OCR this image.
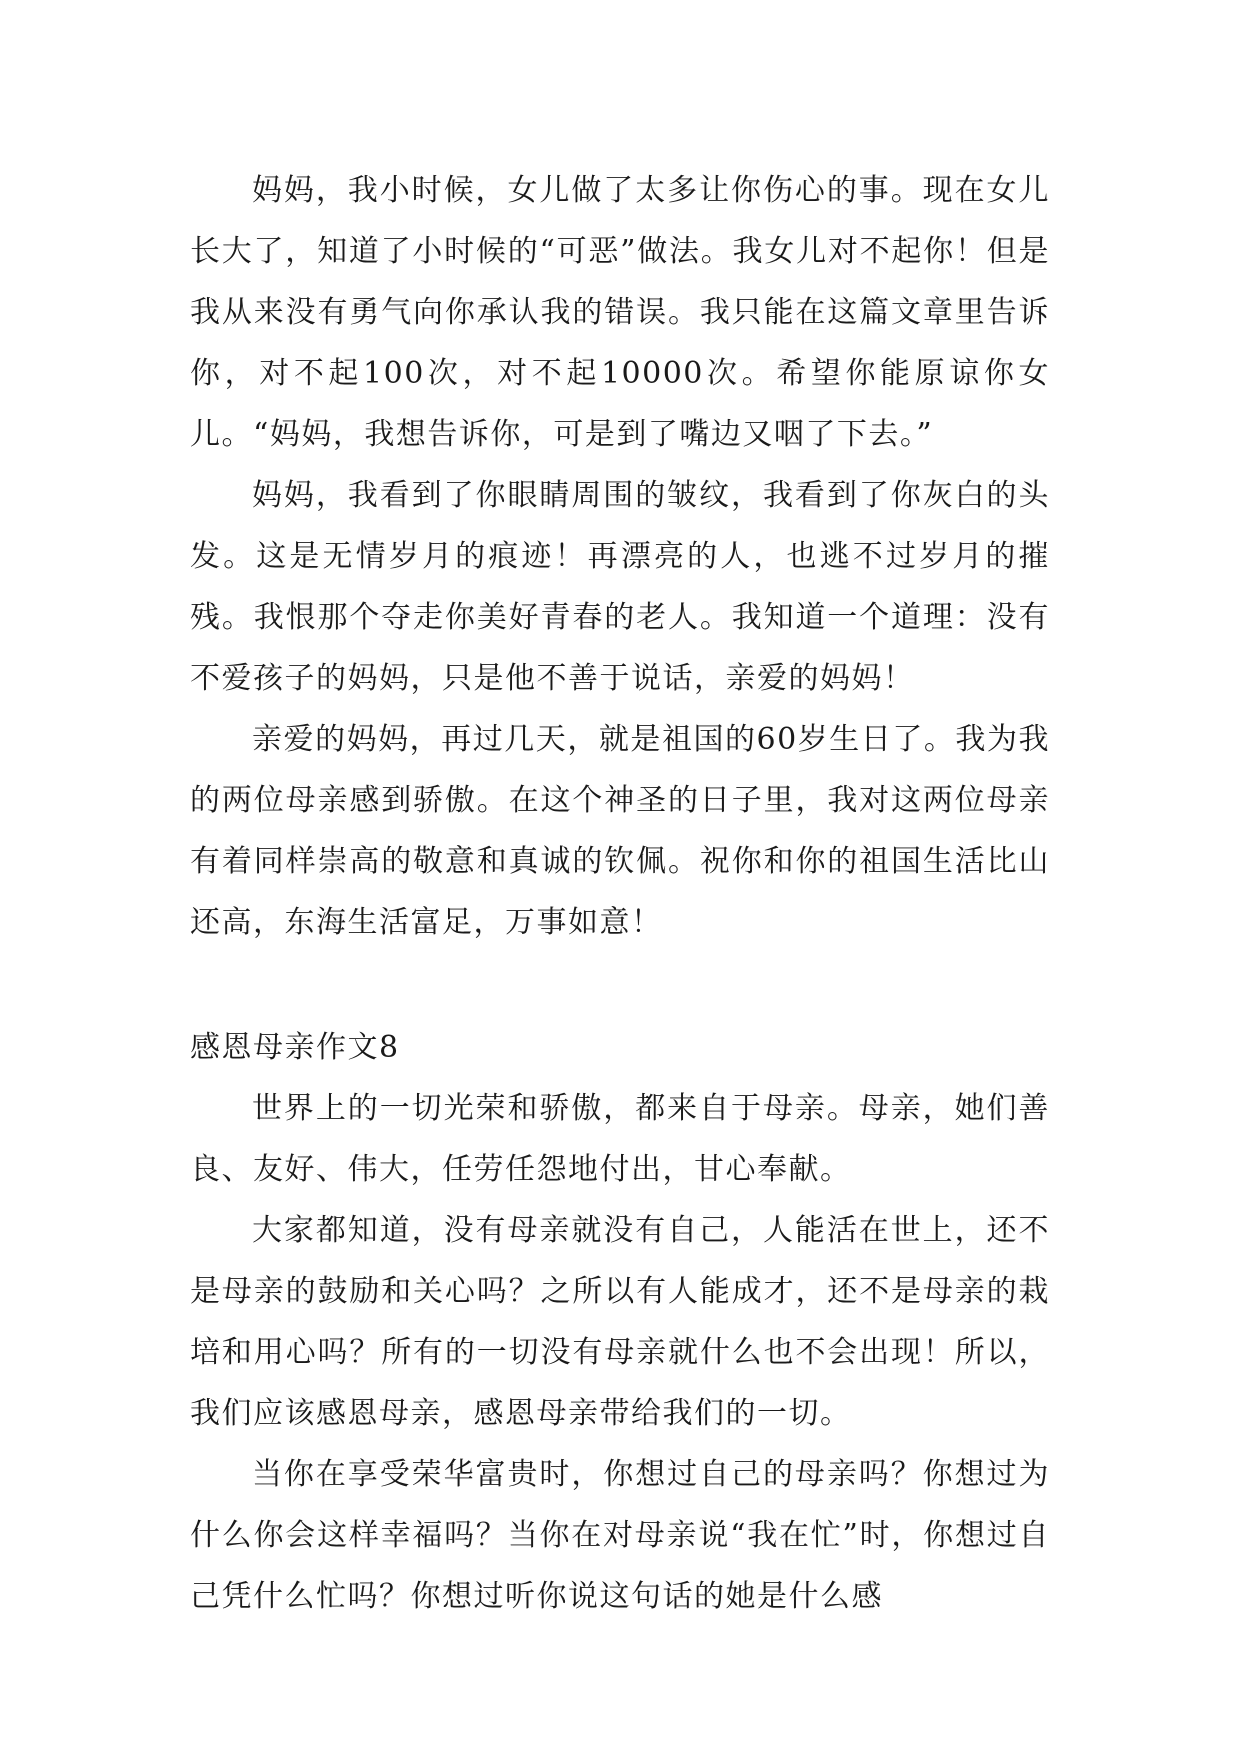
妈妈，我小时候，女儿做了太多让你伤心的事。现在女儿长大了，知道了小时候的“可恶”做法。我女儿对不起你！但是我从来没有勇气向你承认我的错误。我只能在这篇文章里告诉你，对不起100次，对不起10000次。希望你能原谅你女儿。“妈妈，我想告诉你，可是到了嘴边又咽了下去。”

妈妈，我看到了你眼睛周围的皱纹，我看到了你灰白的头发。这是无情岁月的痕迹！再漂亮的人，也逃不过岁月的摧残。我恨那个夺走你美好青春的老人。我知道一个道理：没有不爱孩子的妈妈，只是他不善于说话，亲爱的妈妈！

亲爱的妈妈，再过几天，就是祖国的60岁生日了。我为我的两位母亲感到骄傲。在这个神圣的日子里，我对这两位母亲有着同样崇高的敬意和真诚的钦佩。祝你和你的祖国生活比山还高，东海生活富足，万事如意！

感恩母亲作文8

世界上的一切光荣和骄傲，都来自于母亲。母亲，她们善良、友好、伟大，任劳任怨地付出，甘心奉献。

大家都知道，没有母亲就没有自己，人能活在世上，还不是母亲的鼓励和关心吗？之所以有人能成才，还不是母亲的栽培和用心吗？所有的一切没有母亲就什么也不会出现！所以，我们应该感恩母亲，感恩母亲带给我们的一切。

当你在享受荣华富贵时，你想过自己的母亲吗？你想过为什么你会这样幸福吗？当你在对母亲说“我在忙”时，你想过自己凭什么忙吗？你想过听你说这句话的她是什么感
